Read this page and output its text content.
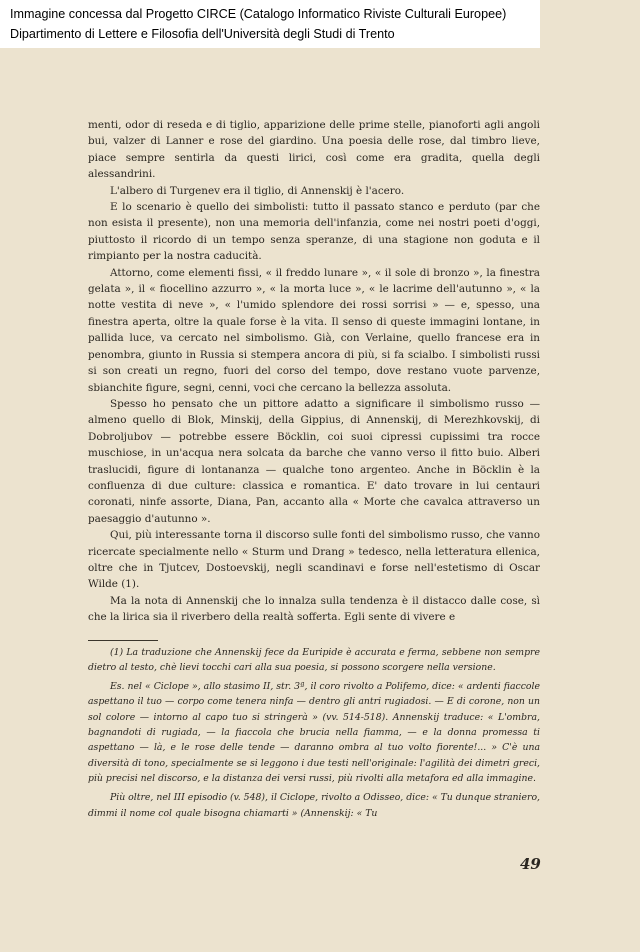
Immagine concessa dal Progetto CIRCE (Catalogo Informatico Riviste Culturali Europee)
Dipartimento di Lettere e Filosofia dell'Università degli Studi di Trento

menti, odor di reseda e di tiglio, apparizione delle prime stelle, pianoforti agli angoli bui, valzer di Lanner e rose del giardino. Una poesia delle rose, dal timbro lieve, piace sempre sentirla da questi lirici, così come era gradita, quella degli alessandrini.

L'albero di Turgenev era il tiglio, di Annenskij è l'acero.

E lo scenario è quello dei simbolisti: tutto il passato stanco e perduto (par che non esista il presente), non una memoria dell'infanzia, come nei nostri poeti d'oggi, piuttosto il ricordo di un tempo senza speranze, di una stagione non goduta e il rimpianto per la nostra caducità.

Attorno, come elementi fissi, « il freddo lunare », « il sole di bronzo », la finestra gelata », il « fiocellino azzurro », « la morta luce », « le lacrime dell'autunno », « la notte vestita di neve », « l'umido splendore dei rossi sorrisi » — e, spesso, una finestra aperta, oltre la quale forse è la vita. Il senso di queste immagini lontane, in pallida luce, va cercato nel simbolismo. Già, con Verlaine, quello francese era in penombra, giunto in Russia si stempera ancora di più, si fa scialbo. I simbolisti russi si son creati un regno, fuori del corso del tempo, dove restano vuote parvenze, sbianchite figure, segni, cenni, voci che cercano la bellezza assoluta.

Spesso ho pensato che un pittore adatto a significare il simbolismo russo — almeno quello di Blok, Minskij, della Gippius, di Annenskij, di Merezhkovskij, di Dobroljubov — potrebbe essere Böcklin, coi suoi cipressi cupissimi tra rocce muschiose, in un'acqua nera solcata da barche che vanno verso il fitto buio. Alberi traslucidi, figure di lontananza — qualche tono argenteo. Anche in Böcklin è la confluenza di due culture: classica e romantica. E' dato trovare in lui centauri coronati, ninfe assorte, Diana, Pan, accanto alla « Morte che cavalca attraverso un paesaggio d'autunno ».

Qui, più interessante torna il discorso sulle fonti del simbolismo russo, che vanno ricercate specialmente nello « Sturm und Drang » tedesco, nella letteratura ellenica, oltre che in Tjutcev, Dostoevskij, negli scandinavi e forse nell'estetismo di Oscar Wilde (1).

Ma la nota di Annenskij che lo innalza sulla tendenza è il distacco dalle cose, sì che la lirica sia il riverbero della realtà sofferta. Egli sente di vivere e

(1) La traduzione che Annenskij fece da Euripide è accurata e ferma, sebbene non sempre dietro al testo, chè lievi tocchi cari alla sua poesia, si possono scorgere nella versione.

Es. nel « Ciclope », allo stasimo II, str. 3ª, il coro rivolto a Polifemo, dice: « ardenti fiaccole aspettano il tuo — corpo come tenera ninfa — dentro gli antri rugiadosi. — E di corone, non un sol colore — intorno al capo tuo si stringerà » (vv. 514-518). Annenskij traduce: « L'ombra, bagnandoti di rugiada, — la fiaccola che brucia nella fiamma, — e la donna promessa ti aspettano — là, e le rose delle tende — daranno ombra al tuo volto fiorente!... » C'è una diversità di tono, specialmente se si leggono i due testi nell'originale: l'agilità dei dimetri greci, più precisi nel discorso, e la distanza dei versi russi, più rivolti alla metafora ed alla immagine.

Più oltre, nel III episodio (v. 548), il Ciclope, rivolto a Odisseo, dice: « Tu dunque straniero, dimmi il nome col quale bisogna chiamarti » (Annenskij: « Tu

49
